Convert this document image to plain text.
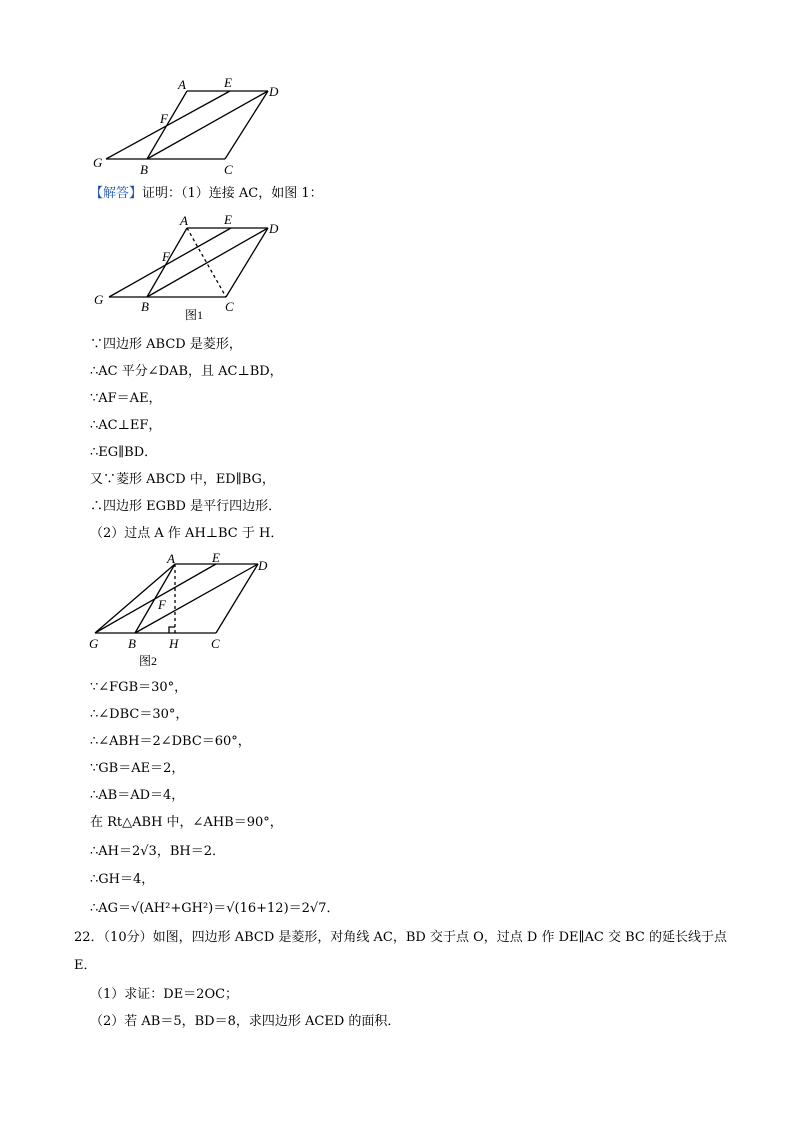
A	E
D
F
G	B	C
【解答】证明：（1）连接 AC，如图 1：
A	E
D
F
G	B	C
图1
∵四边形 ABCD 是菱形，
∴AC 平分∠DAB，且 AC⊥BD，
∵AF＝AE，
∴AC⊥EF，
∴EG∥BD．
又∵菱形 ABCD 中，ED∥BG，
∴四边形 EGBD 是平行四边形．
（2）过点 A 作 AH⊥BC 于 H．
A	E
D
F
G B	H	C
图2
∵∠FGB＝30°，
∴∠DBC＝30°，
∴∠ABH＝2∠DBC＝60°，
∵GB＝AE＝2，
∴AB＝AD＝4，
在 Rt△ABH 中，∠AHB＝90°，
∴AH＝2√3，BH＝2．
∴GH＝4，
∴AG＝√(AH²+GH²)＝√(16+12)＝2√7．
22．（10分）如图，四边形 ABCD 是菱形，对角线 AC，BD 交于点 O，过点 D 作 DE∥AC 交 BC 的延长线于点 E．
（1）求证：DE＝2OC；
（2）若 AB＝5，BD＝8，求四边形 ACED 的面积．
